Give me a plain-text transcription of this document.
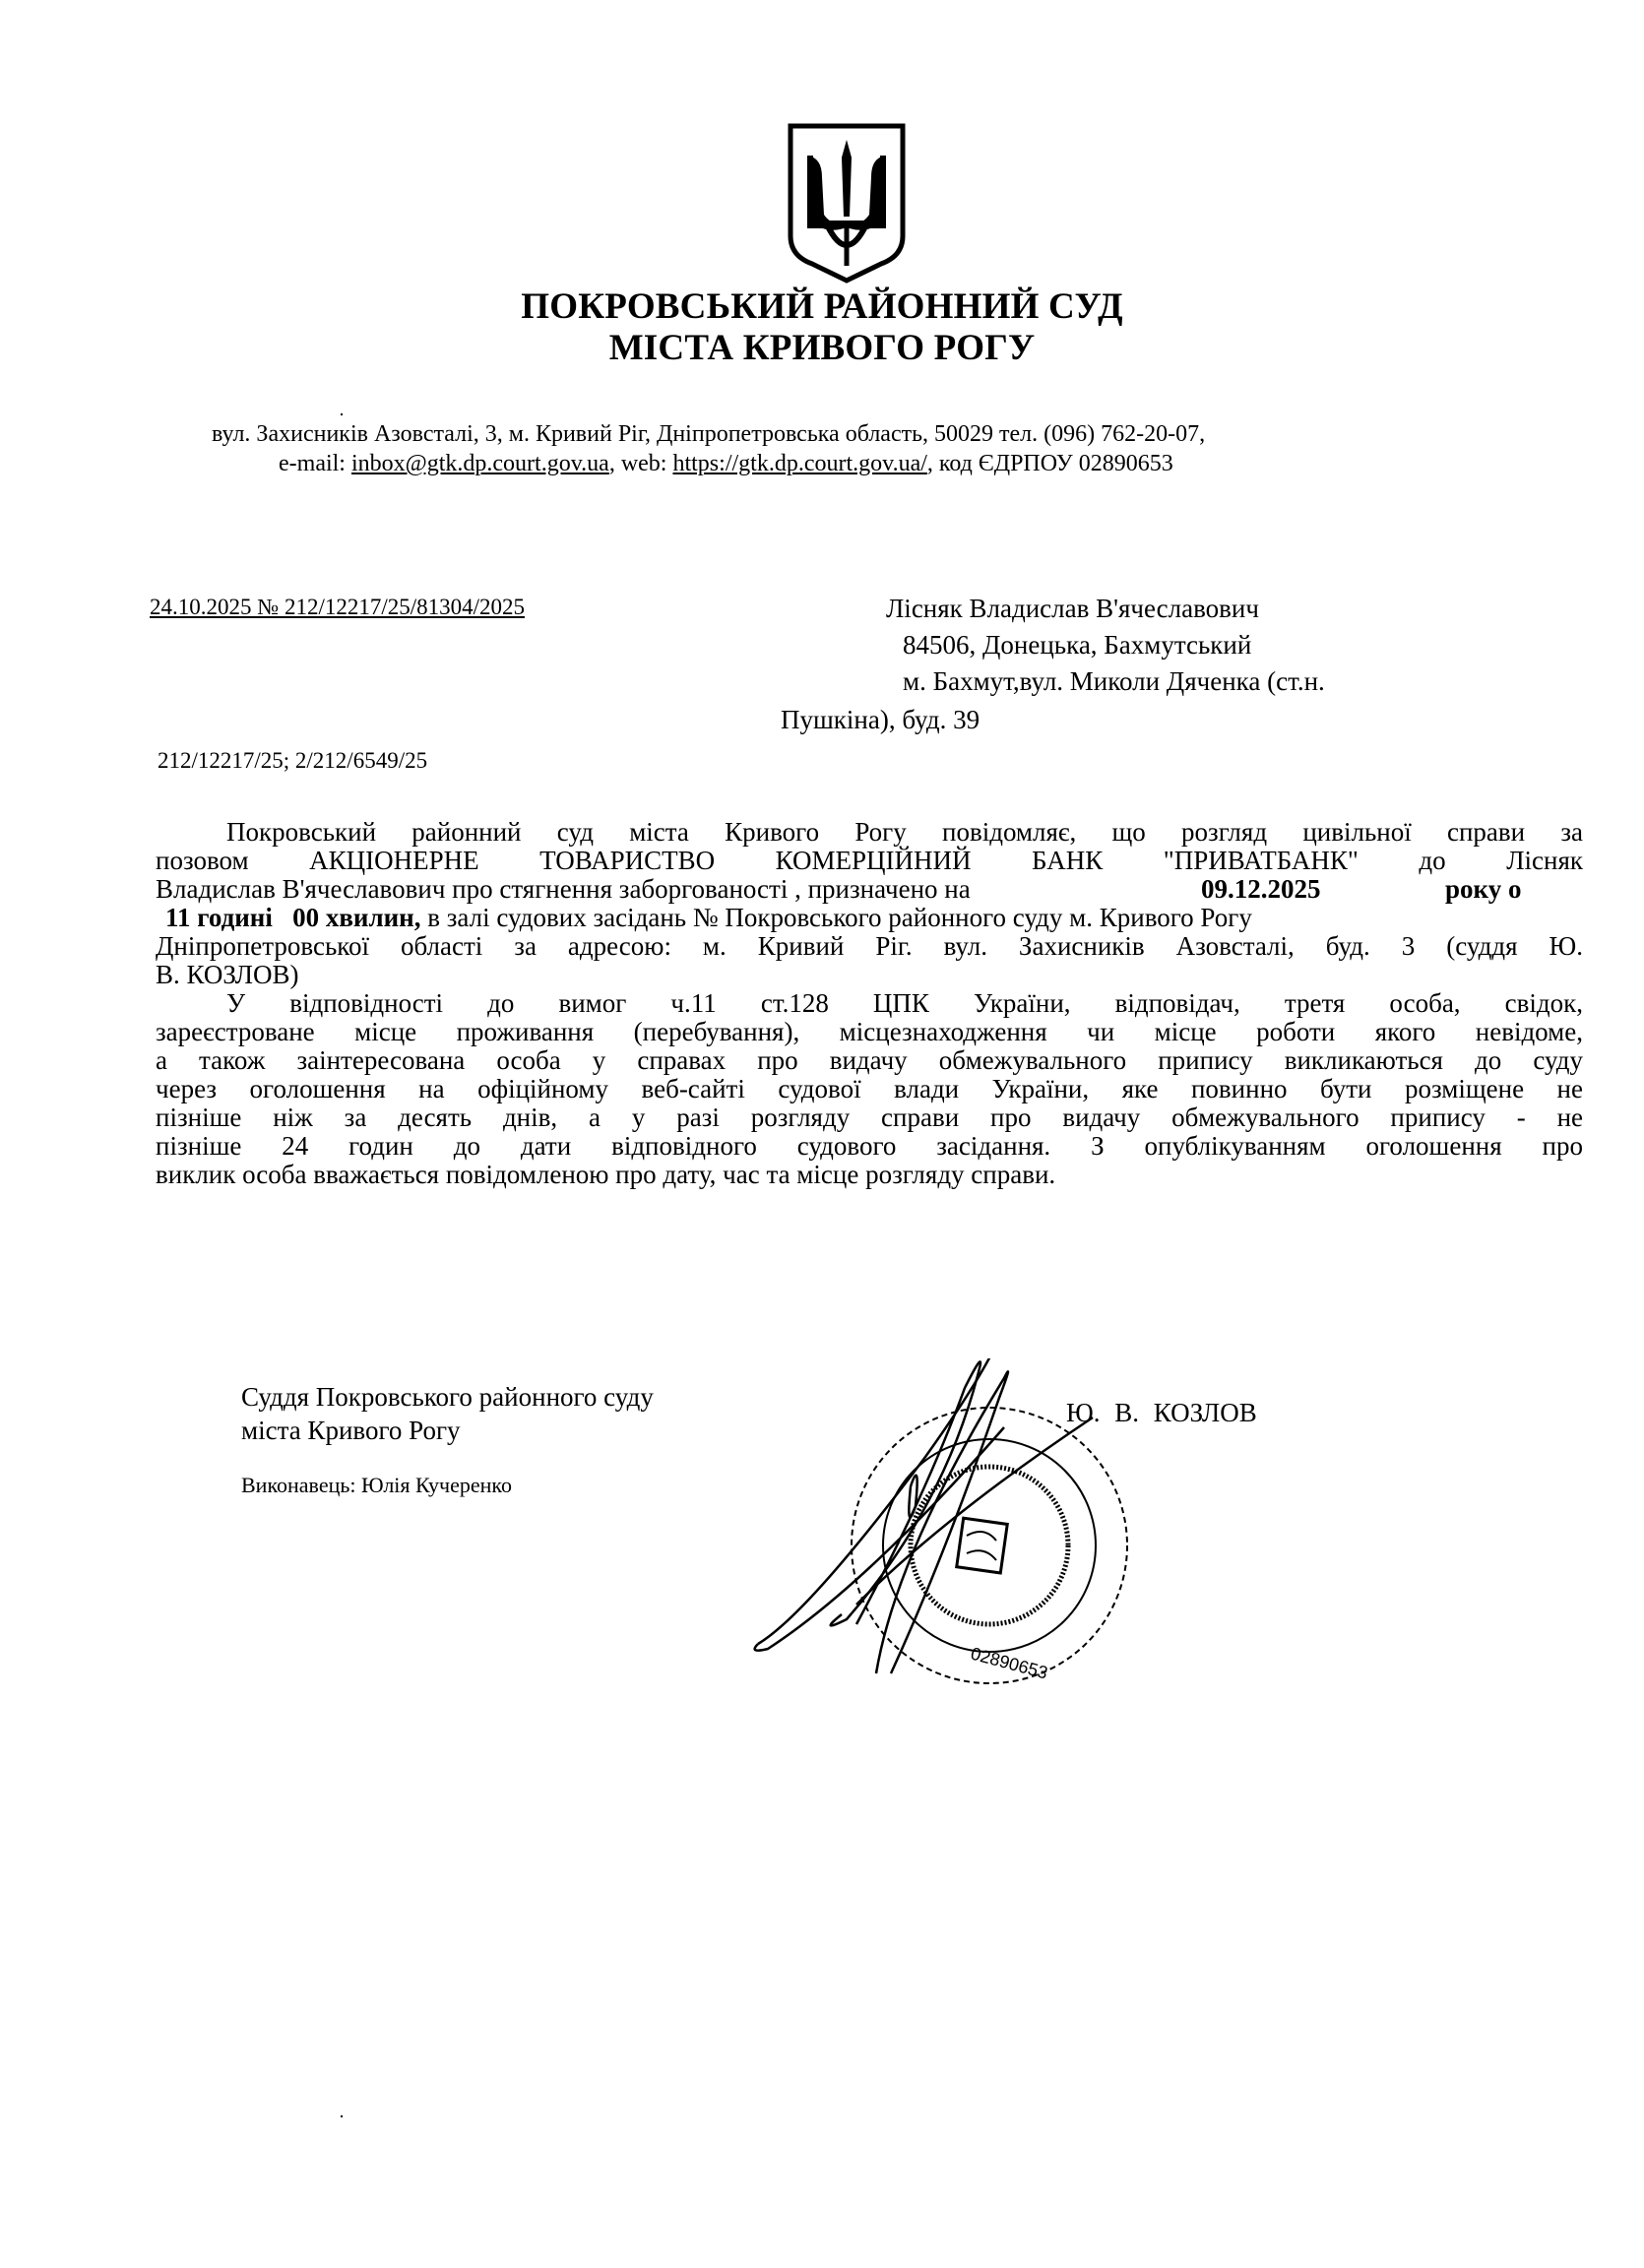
ПОКРОВСЬКИЙ РАЙОННИЙ СУД
МІСТА КРИВОГО РОГУ
вул. Захисників Азовсталі, 3, м. Кривий Ріг, Дніпропетровська область, 50029 тел. (096) 762-20-07,
e-mail: inbox@gtk.dp.court.gov.ua, web: https://gtk.dp.court.gov.ua/, код ЄДРПОУ 02890653
24.10.2025 № 212/12217/25/81304/2025
212/12217/25; 2/212/6549/25
Лісняк Владислав В'ячеславович
84506, Донецька, Бахмутський
м. Бахмут,вул. Миколи Дяченка (ст.н.
Пушкіна), буд. 39
Покровський районний суд міста Кривого Рогу повідомляє, що розгляд цивільної справи за
позовом АКЦІОНЕРНЕ ТОВАРИСТВО КОМЕРЦІЙНИЙ БАНК "ПРИВАТБАНК" до Лісняк
Владислав В'ячеславович про стягнення заборгованості , призначено на	09.12.2025	року о
11 годині 00 хвилин, в залі судових засідань № Покровського районного суду м. Кривого Рогу
Дніпропетровської області за адресою: м. Кривий Ріг. вул. Захисників Азовсталі, буд. 3 (суддя Ю.
В. КОЗЛОВ)
У відповідності до вимог ч.11 ст.128 ЦПК України, відповідач, третя особа, свідок,
зареєстроване місце проживання (перебування), місцезнаходження чи місце роботи якого невідоме,
а також заінтересована особа у справах про видачу обмежувального припису викликаються до суду
через оголошення на офіційному веб-сайті судової влади України, яке повинно бути розміщене не
пізніше ніж за десять днів, а у разі розгляду справи про видачу обмежувального припису - не
пізніше 24 годин до дати відповідного судового засідання. З опублікуванням оголошення про
виклик особа вважається повідомленою про дату, час та місце розгляду справи.
Суддя Покровського районного суду
міста Кривого Рогу
Виконавець: Юлія Кучеренко
Ю. В. КОЗЛОВ
02890653
